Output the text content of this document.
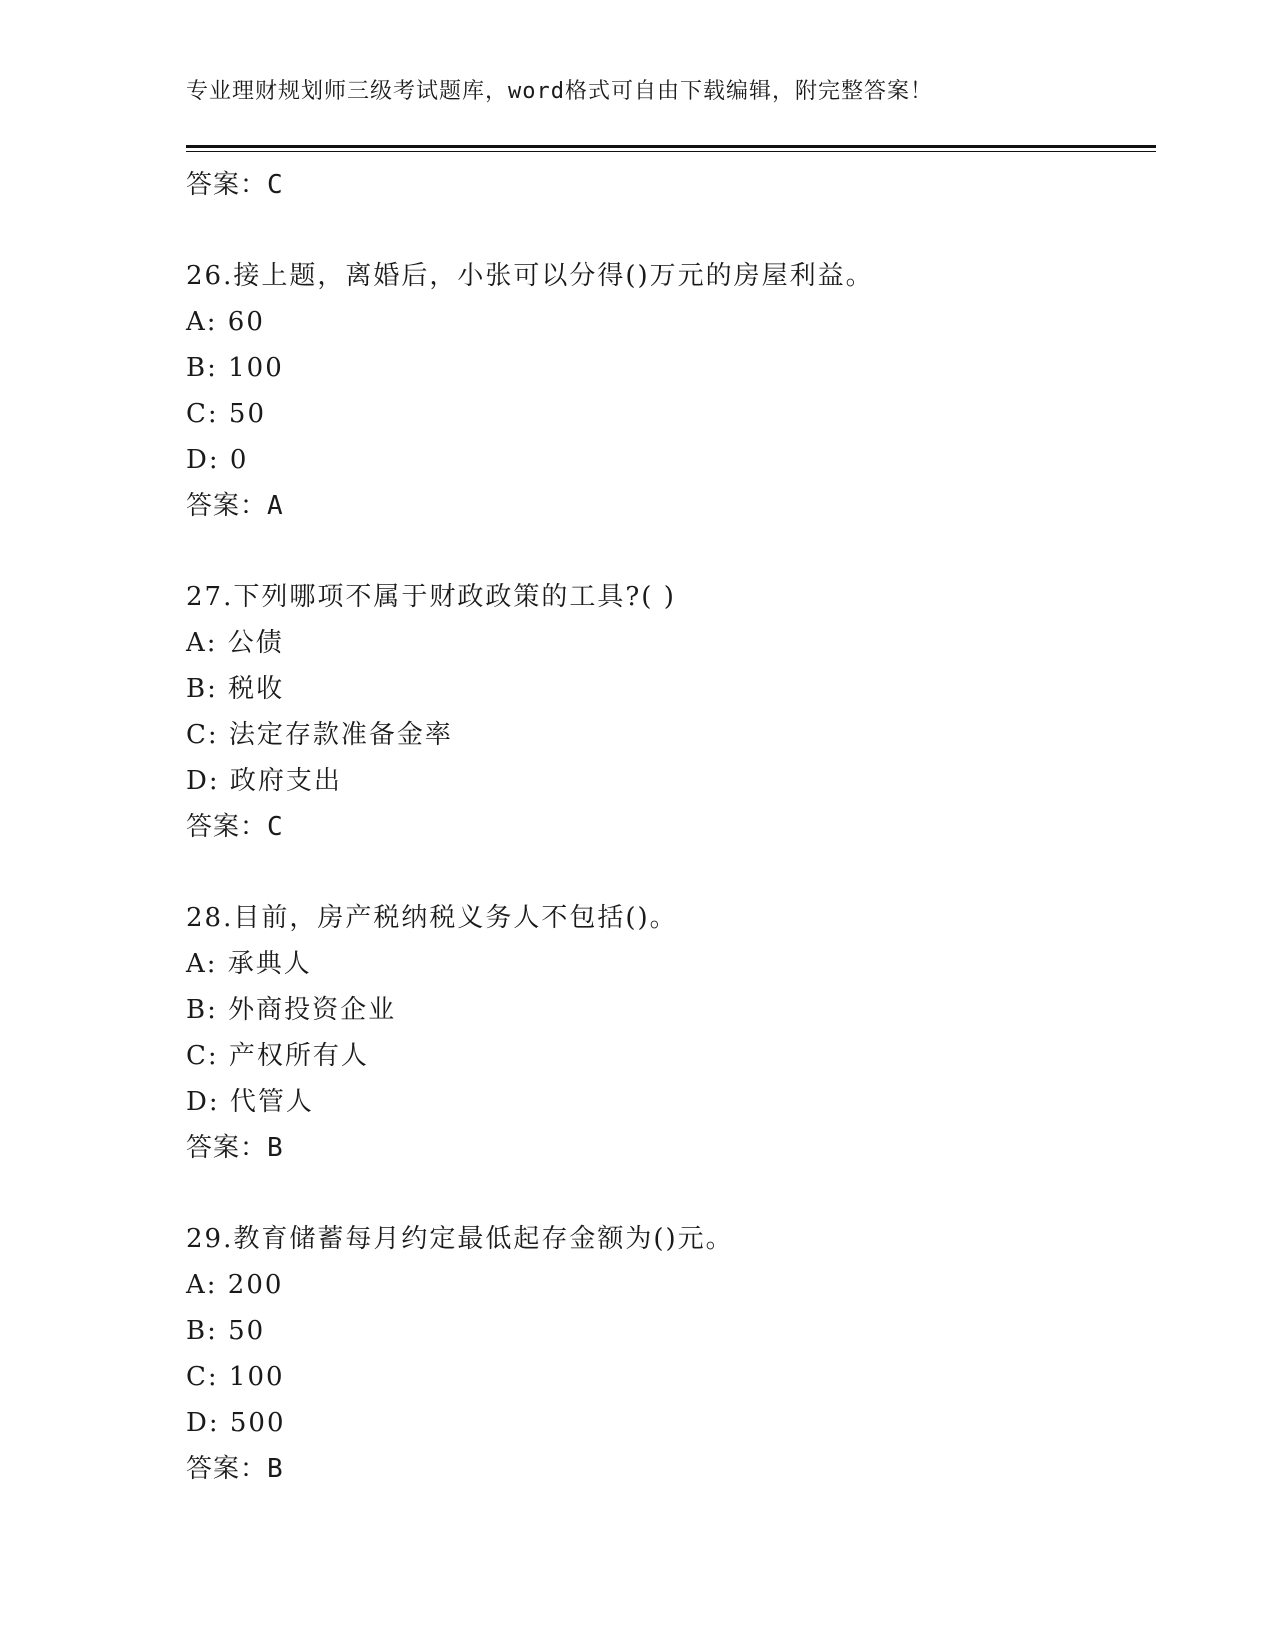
专业理财规划师三级考试题库，word格式可自由下载编辑，附完整答案！
答案：C
26.接上题，离婚后，小张可以分得()万元的房屋利益。
A: 60
B: 100
C: 50
D: 0
答案：A
27.下列哪项不属于财政政策的工具?( )
A: 公债
B: 税收
C: 法定存款准备金率
D: 政府支出
答案：C
28.目前，房产税纳税义务人不包括()。
A: 承典人
B: 外商投资企业
C: 产权所有人
D: 代管人
答案：B
29.教育储蓄每月约定最低起存金额为()元。
A: 200
B: 50
C: 100
D: 500
答案：B
